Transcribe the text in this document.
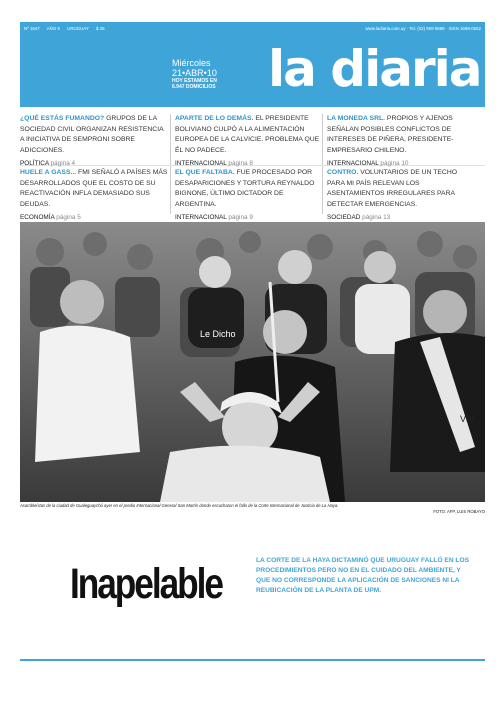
Nº 1647 AÑO 5 URUGUAY $ 25	www.ladiaria.com.uy · Tel. (02) 908 8888 · ISSN 1688-0552
Miércoles
21•ABR•10
HOY ESTAMOS EN
6.947 DOMICILIOS la diaria
¿QUÉ ESTÁS FUMANDO? GRUPOS DE LA SOCIEDAD CIVIL ORGANIZAN RESISTENCIA A INICIATIVA DE SEMPRONI SOBRE ADICCIONES.
POLÍTICA página 4
APARTE DE LO DEMÁS. EL PRESIDENTE BOLIVIANO CULPÓ A LA ALIMENTACIÓN EUROPEA DE LA CALVICIE. PROBLEMA QUE ÉL NO PADECE.
INTERNACIONAL página 8
LA MONEDA SRL. PROPIOS Y AJENOS SEÑALAN POSIBLES CONFLICTOS DE INTERESES DE PIÑERA, PRESIDENTE-EMPRESARIO CHILENO.
INTERNACIONAL página 10
HUELE A GASS... FMI SEÑALÓ A PAÍSES MÁS DESARROLLADOS QUE EL COSTO DE SU REACTIVACIÓN INFLA DEMASIADO SUS DEUDAS.
ECONOMÍA página 5
EL QUE FALTABA. FUE PROCESADO POR DESAPARICIONES Y TORTURA REYNALDO BIGNONE, ÚLTIMO DICTADOR DE ARGENTINA.
INTERNACIONAL página 9
CONTRO. VOLUNTARIOS DE UN TECHO PARA MI PAÍS RELEVAN LOS ASENTAMIENTOS IRREGULARES PARA DETECTAR EMERGENCIAS.
SOCIEDAD página 13
Le Dicho
VIV
Asambleístas de la ciudad de Gualeguaychú ayer en el predio Internacional General San Martín donde escucharon el fallo de la Corte Internacional de Justicia de La Haya.
FOTO: AFP, LUIS ROBAYO
Inapelable	LA CORTE DE LA HAYA DICTAMINÓ QUE URUGUAY FALLÓ EN LOS PROCEDIMIENTOS PERO NO EN EL CUIDADO DEL AMBIENTE, Y QUE NO CORRESPONDE LA APLICACIÓN DE SANCIONES NI LA REUBICACIÓN DE LA PLANTA DE UPM.
